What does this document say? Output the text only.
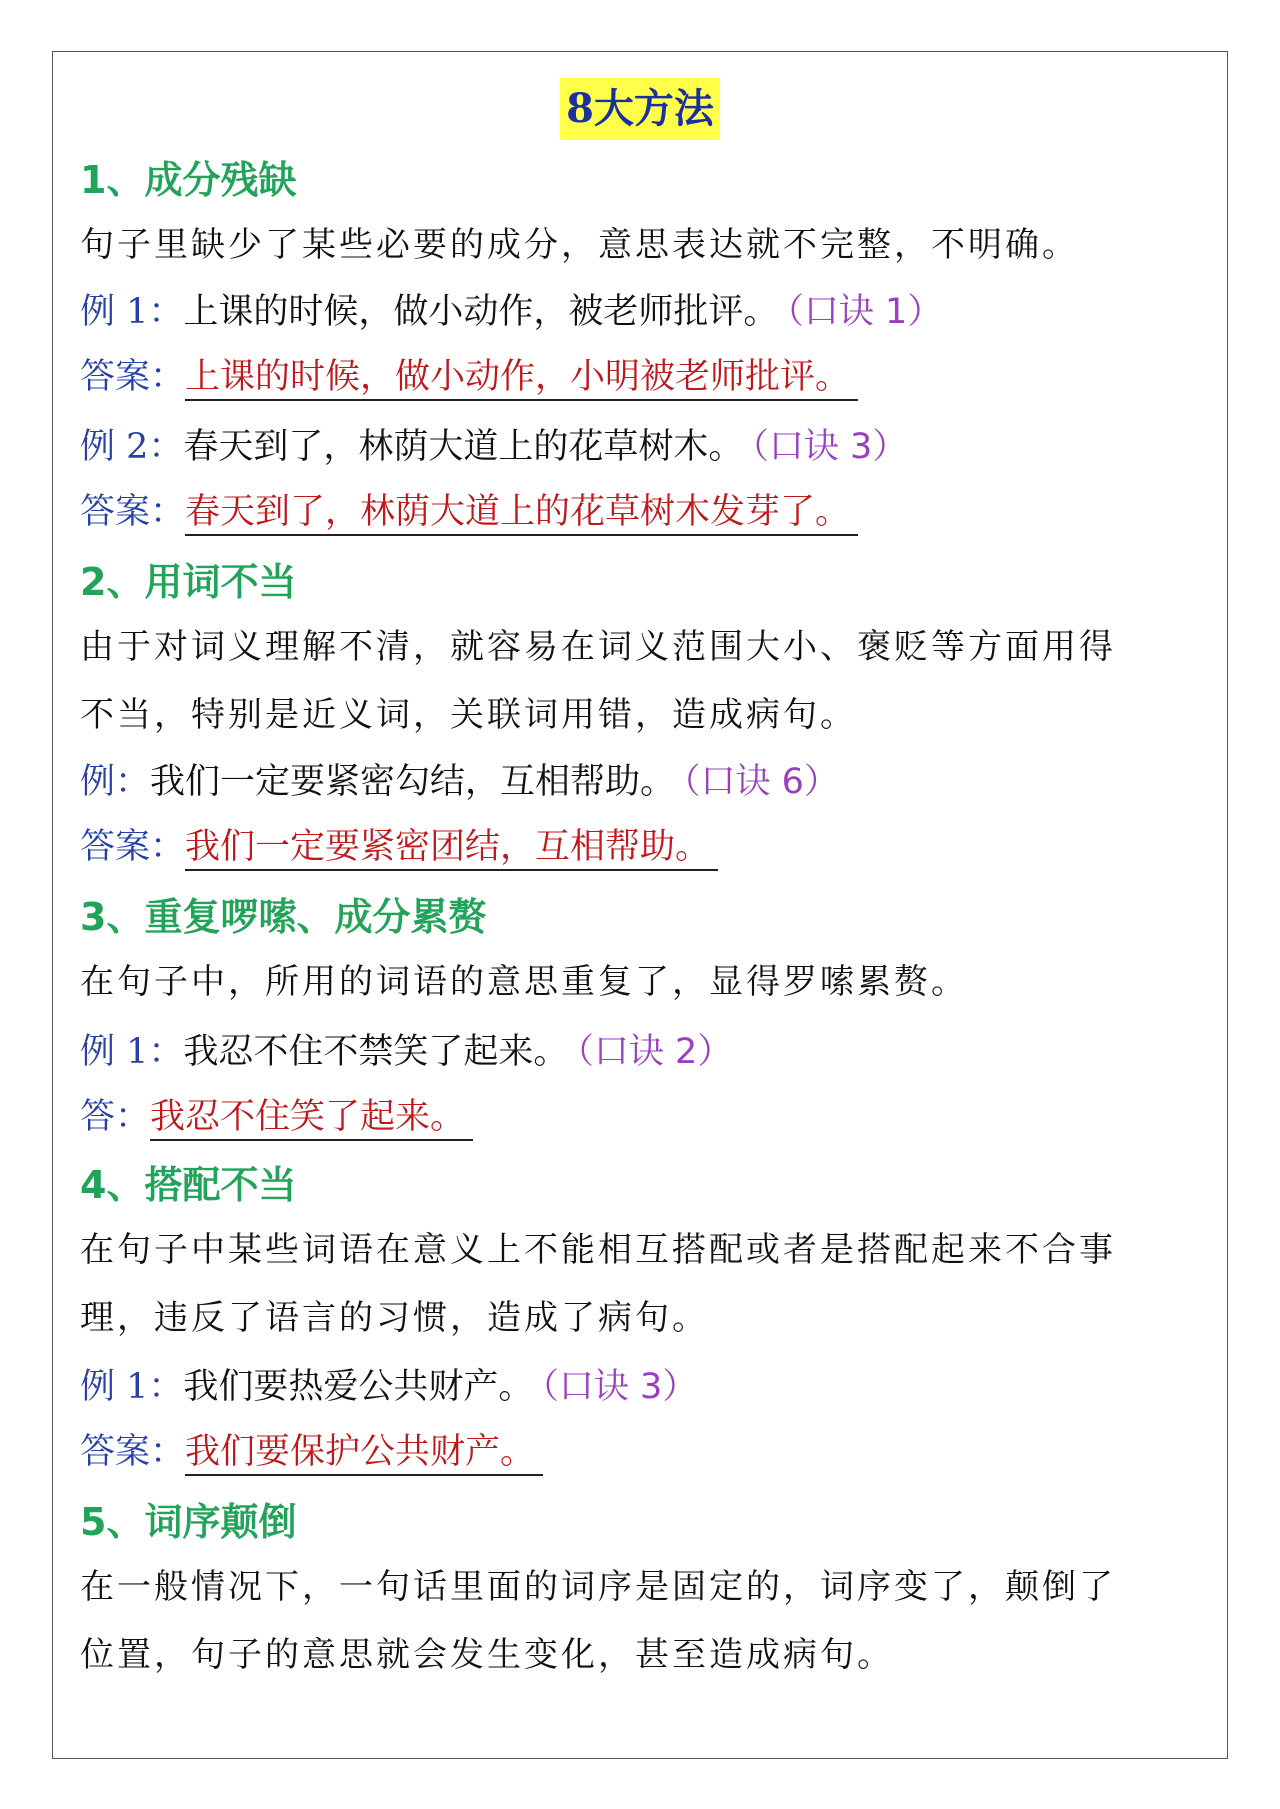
8大方法
1、成分残缺
句子里缺少了某些必要的成分，意思表达就不完整，不明确。
例 1：上课的时候，做小动作，被老师批评。 （口诀 1）
答案：上课的时候，做小动作，小明被老师批评。
例 2：春天到了，林荫大道上的花草树木。 （口诀 3）
答案：春天到了，林荫大道上的花草树木发芽了。
2、用词不当
由于对词义理解不清，就容易在词义范围大小、褒贬等方面用得
不当，特别是近义词，关联词用错，造成病句。
例：我们一定要紧密勾结，互相帮助。 （口诀 6）
答案：我们一定要紧密团结，互相帮助。
3、重复啰嗦、成分累赘
在句子中，所用的词语的意思重复了，显得罗嗦累赘。
例 1：我忍不住不禁笑了起来。 （口诀 2）
答：我忍不住笑了起来。
4、搭配不当
在句子中某些词语在意义上不能相互搭配或者是搭配起来不合事
理，违反了语言的习惯，造成了病句。
例 1：我们要热爱公共财产。 （口诀 3）
答案：我们要保护公共财产。
5、词序颠倒
在一般情况下，一句话里面的词序是固定的，词序变了，颠倒了
位置，句子的意思就会发生变化，甚至造成病句。
